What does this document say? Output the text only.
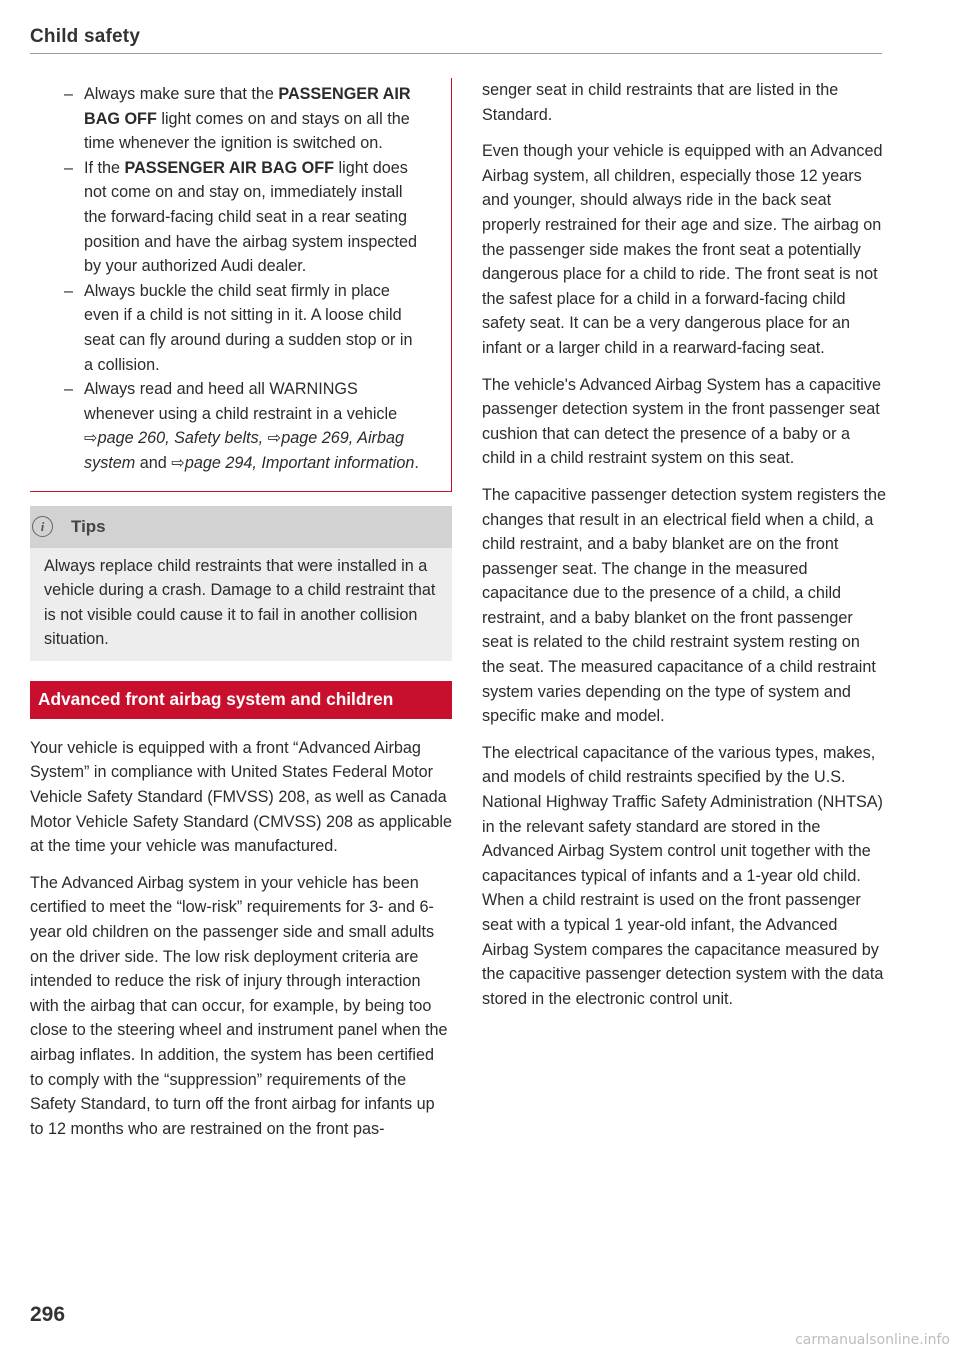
Child safety

– Always make sure that the PASSENGER AIR BAG OFF light comes on and stays on all the time whenever the ignition is switched on.

– If the PASSENGER AIR BAG OFF light does not come on and stay on, immediately install the forward-facing child seat in a rear seating position and have the airbag system inspected by your authorized Audi dealer.

– Always buckle the child seat firmly in place even if a child is not sitting in it. A loose child seat can fly around during a sudden stop or in a collision.

– Always read and heed all WARNINGS whenever using a child restraint in a vehicle ⇨page 260, Safety belts, ⇨page 269, Airbag system and ⇨page 294, Important information.

i	Tips

Always replace child restraints that were installed in a vehicle during a crash. Damage to a child restraint that is not visible could cause it to fail in another collision situation.

Advanced front airbag system and children

Your vehicle is equipped with a front “Advanced Airbag System” in compliance with United States Federal Motor Vehicle Safety Standard (FMVSS) 208, as well as Canada Motor Vehicle Safety Standard (CMVSS) 208 as applicable at the time your vehicle was manufactured.

The Advanced Airbag system in your vehicle has been certified to meet the “low-risk” requirements for 3- and 6-year old children on the passenger side and small adults on the driver side. The low risk deployment criteria are intended to reduce the risk of injury through interaction with the airbag that can occur, for example, by being too close to the steering wheel and instrument panel when the airbag inflates. In addition, the system has been certified to comply with the “suppression” requirements of the Safety Standard, to turn off the front airbag for infants up to 12 months who are restrained on the front pas-

senger seat in child restraints that are listed in the Standard.

Even though your vehicle is equipped with an Advanced Airbag system, all children, especially those 12 years and younger, should always ride in the back seat properly restrained for their age and size. The airbag on the passenger side makes the front seat a potentially dangerous place for a child to ride. The front seat is not the safest place for a child in a forward-facing child safety seat. It can be a very dangerous place for an infant or a larger child in a rearward-facing seat.

The vehicle's Advanced Airbag System has a capacitive passenger detection system in the front passenger seat cushion that can detect the presence of a baby or a child in a child restraint system on this seat.

The capacitive passenger detection system registers the changes that result in an electrical field when a child, a child restraint, and a baby blanket are on the front passenger seat. The change in the measured capacitance due to the presence of a child, a child restraint, and a baby blanket on the front passenger seat is related to the child restraint system resting on the seat. The measured capacitance of a child restraint system varies depending on the type of system and specific make and model.

The electrical capacitance of the various types, makes, and models of child restraints specified by the U.S. National Highway Traffic Safety Administration (NHTSA) in the relevant safety standard are stored in the Advanced Airbag System control unit together with the capacitances typical of infants and a 1-year old child. When a child restraint is used on the front passenger seat with a typical 1 year-old infant, the Advanced Airbag System compares the capacitance measured by the capacitive passenger detection system with the data stored in the electronic control unit.

296
carmanualsonline.info
